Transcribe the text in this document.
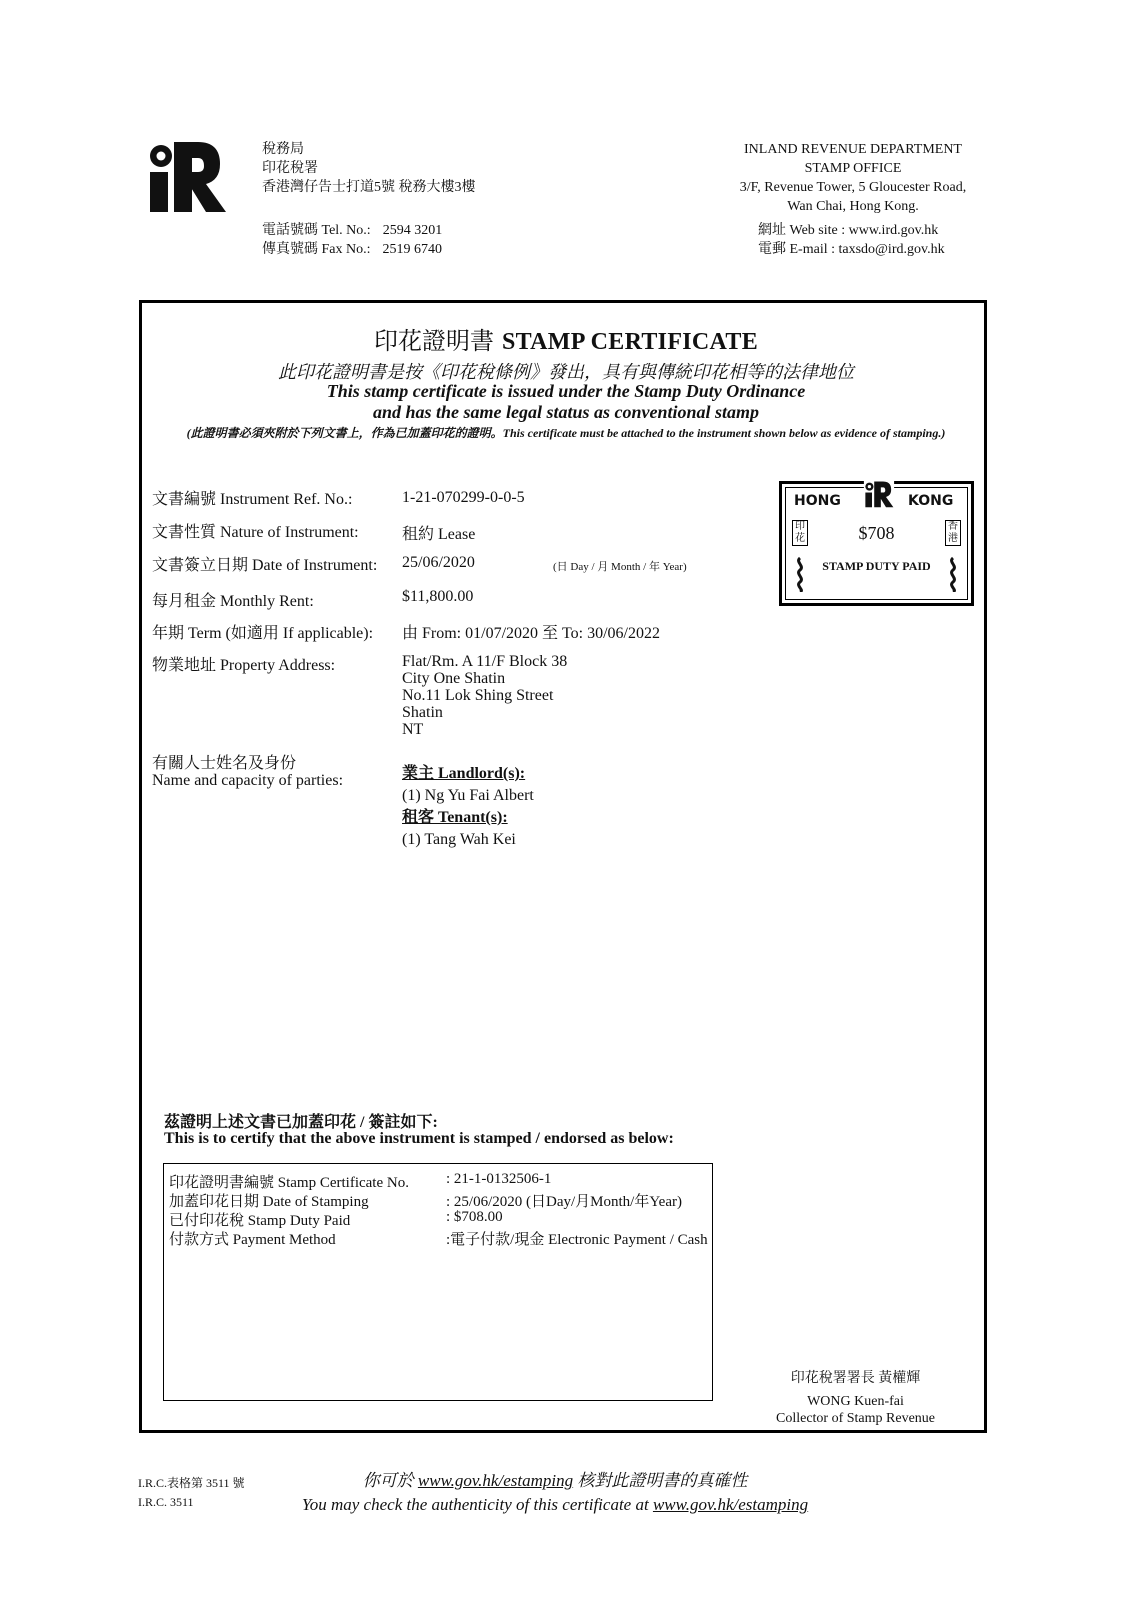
稅務局
印花稅署
香港灣仔告士打道5號 稅務大樓3樓
電話號碼 Tel. No.: 2594 3201
傳真號碼 Fax No.: 2519 6740
INLAND REVENUE DEPARTMENT
STAMP OFFICE
3/F, Revenue Tower, 5 Gloucester Road,
Wan Chai, Hong Kong.
網址 Web site : www.ird.gov.hk
電郵 E-mail : taxsdo@ird.gov.hk
印花證明書 STAMP CERTIFICATE
此印花證明書是按《印花稅條例》發出，具有與傳統印花相等的法律地位
This stamp certificate is issued under the Stamp Duty Ordinance
and has the same legal status as conventional stamp
(此證明書必須夾附於下列文書上，作為已加蓋印花的證明。This certificate must be attached to the instrument shown below as evidence of stamping.)
文書編號 Instrument Ref. No.:	1-21-070299-0-0-5
文書性質 Nature of Instrument:	租約 Lease
文書簽立日期 Date of Instrument: 25/06/2020	(日 Day / 月 Month / 年 Year)
每月租金 Monthly Rent:	$11,800.00
年期 Term (如適用 If applicable): 由 From: 01/07/2020 至 To: 30/06/2022
物業地址 Property Address:	Flat/Rm. A 11/F Block 38
City One Shatin
No.11 Lok Shing Street
Shatin
NT
有關人士姓名及身份
Name and capacity of parties:	業主 Landlord(s):
(1) Ng Yu Fai Albert
租客 Tenant(s):
(1) Tang Wah Kei
HONG	KONG
印花
香港
$708
STAMP DUTY PAID
茲證明上述文書已加蓋印花 / 簽註如下:
This is to certify that the above instrument is stamped / endorsed as below:
印花證明書編號 Stamp Certificate No. : 21-1-0132506-1
加蓋印花日期 Date of Stamping	: 25/06/2020 (日Day/月Month/年Year)
已付印花稅 Stamp Duty Paid	: $708.00
付款方式 Payment Method	:電子付款/現金 Electronic Payment / Cash
印花稅署署長 黃權輝
WONG Kuen-fai
Collector of Stamp Revenue
I.R.C.表格第 3511 號
I.R.C. 3511
你可於 www.gov.hk/estamping 核對此證明書的真確性
You may check the authenticity of this certificate at www.gov.hk/estamping
